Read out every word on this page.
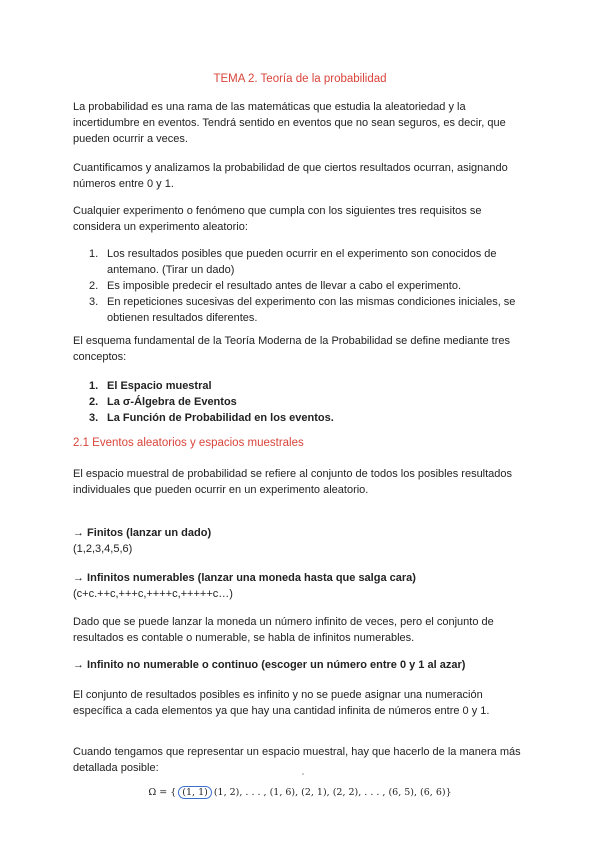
TEMA 2. Teoría de la probabilidad

La probabilidad es una rama de las matemáticas que estudia la aleatoriedad y la incertidumbre en eventos. Tendrá sentido en eventos que no sean seguros, es decir, que pueden ocurrir a veces.

Cuantificamos y analizamos la probabilidad de que ciertos resultados ocurran, asignando números entre 0 y 1.

Cualquier experimento o fenómeno que cumpla con los siguientes tres requisitos se considera un experimento aleatorio:

1. Los resultados posibles que pueden ocurrir en el experimento son conocidos de antemano. (Tirar un dado)
2. Es imposible predecir el resultado antes de llevar a cabo el experimento.
3. En repeticiones sucesivas del experimento con las mismas condiciones iniciales, se obtienen resultados diferentes.

El esquema fundamental de la Teoría Moderna de la Probabilidad se define mediante tres conceptos:

1. El Espacio muestral
2. La σ-Álgebra de Eventos
3. La Función de Probabilidad en los eventos.
2.1 Eventos aleatorios y espacios muestrales

El espacio muestral de probabilidad se refiere al conjunto de todos los posibles resultados individuales que pueden ocurrir en un experimento aleatorio.

→ Finitos (lanzar un dado)

(1,2,3,4,5,6)

→ Infinitos numerables (lanzar una moneda hasta que salga cara)

(c+c.++c,+++c,++++c,+++++c…)

Dado que se puede lanzar la moneda un número infinito de veces, pero el conjunto de resultados es contable o numerable, se habla de infinitos numerables.

→ Infinito no numerable o continuo (escoger un número entre 0 y 1 al azar)

El conjunto de resultados posibles es infinito y no se puede asignar una numeración específica a cada elementos ya que hay una cantidad infinita de números entre 0 y 1.

Cuando tengamos que representar un espacio muestral, hay que hacerlo de la manera más detallada posible:

Ω = { (1, 1) (1, 2), . . . , (1, 6), (2, 1), (2, 2), . . . , (6, 5), (6, 6)}
